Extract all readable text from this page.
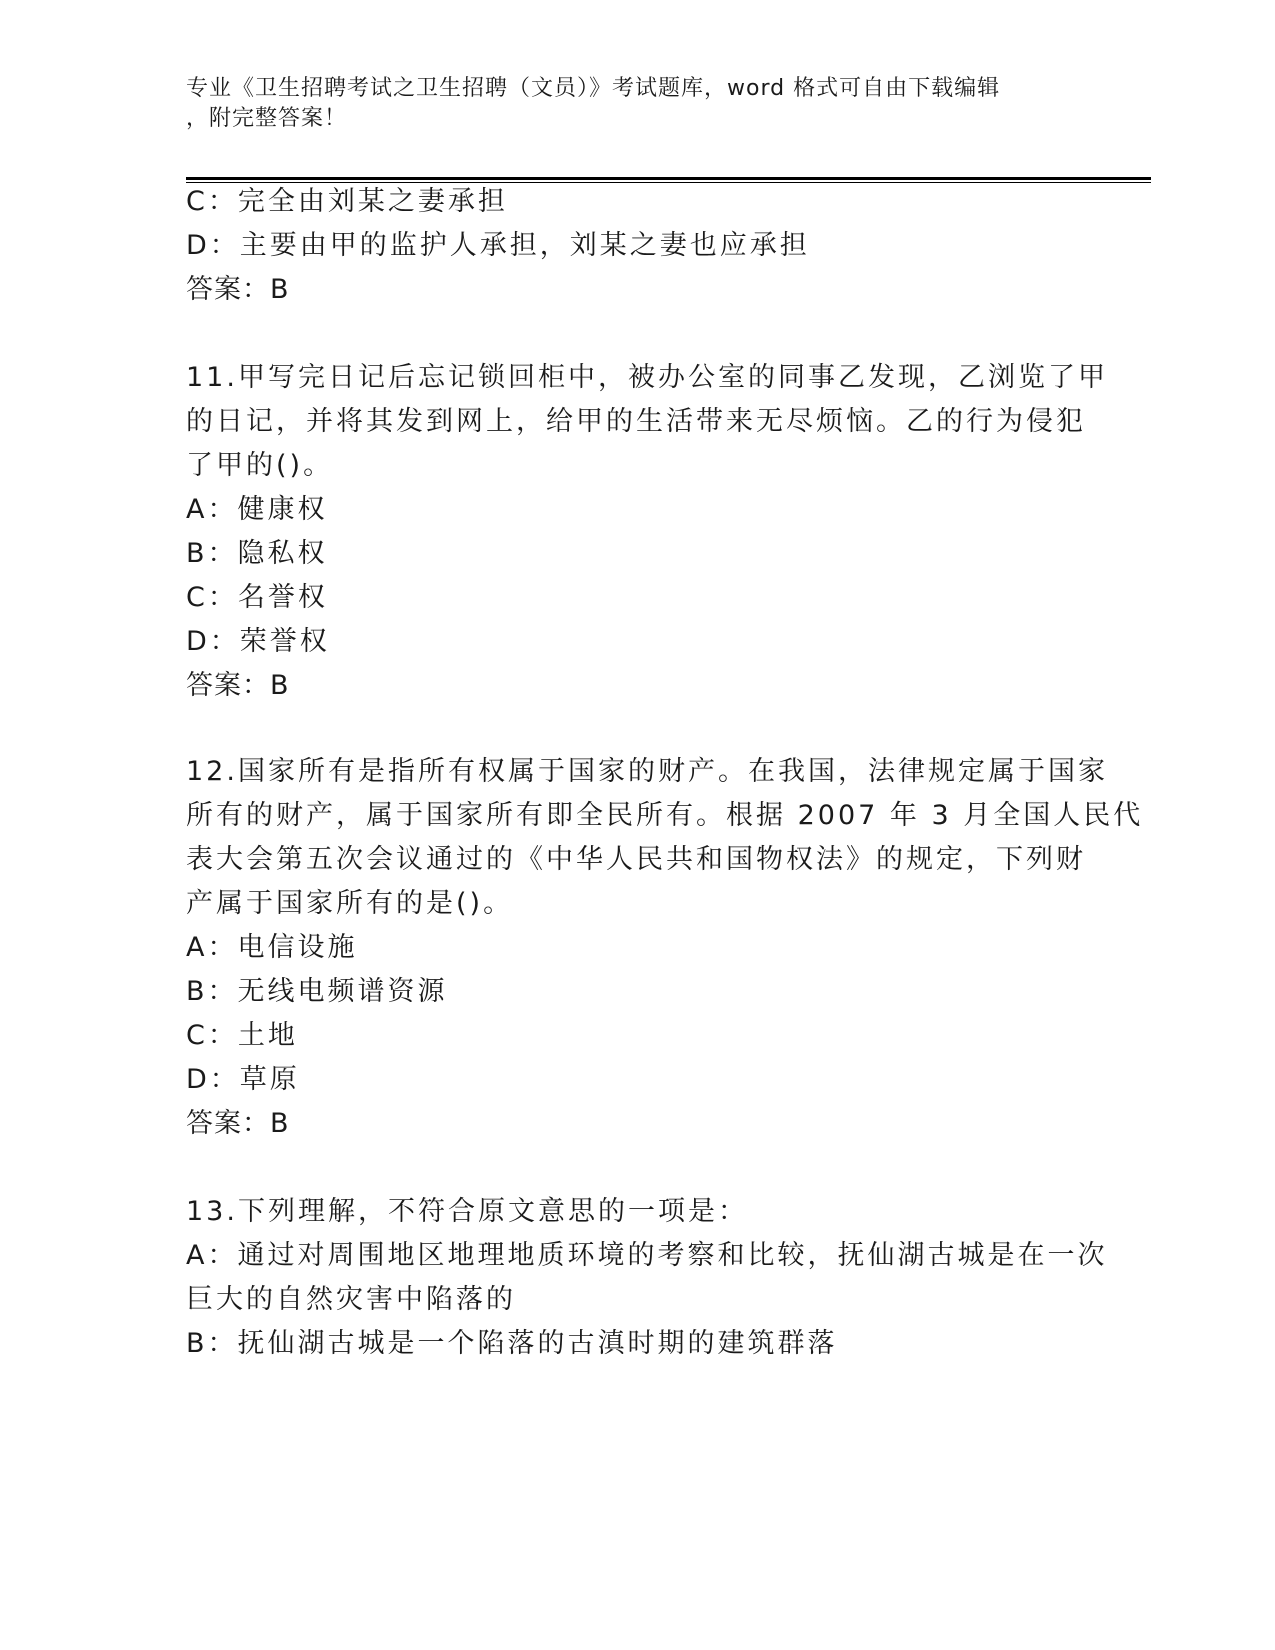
专业《卫生招聘考试之卫生招聘（文员）》考试题库，word 格式可自由下载编辑
，附完整答案！
C：完全由刘某之妻承担
D：主要由甲的监护人承担，刘某之妻也应承担
答案：B
11.甲写完日记后忘记锁回柜中，被办公室的同事乙发现，乙浏览了甲
的日记，并将其发到网上，给甲的生活带来无尽烦恼。乙的行为侵犯
了甲的()。
A：健康权
B：隐私权
C：名誉权
D：荣誉权
答案：B
12.国家所有是指所有权属于国家的财产。在我国，法律规定属于国家
所有的财产，属于国家所有即全民所有。根据 2007 年 3 月全国人民代
表大会第五次会议通过的《中华人民共和国物权法》的规定，下列财
产属于国家所有的是()。
A：电信设施
B：无线电频谱资源
C：土地
D：草原
答案：B
13.下列理解，不符合原文意思的一项是：
A：通过对周围地区地理地质环境的考察和比较，抚仙湖古城是在一次
巨大的自然灾害中陷落的
B：抚仙湖古城是一个陷落的古滇时期的建筑群落
